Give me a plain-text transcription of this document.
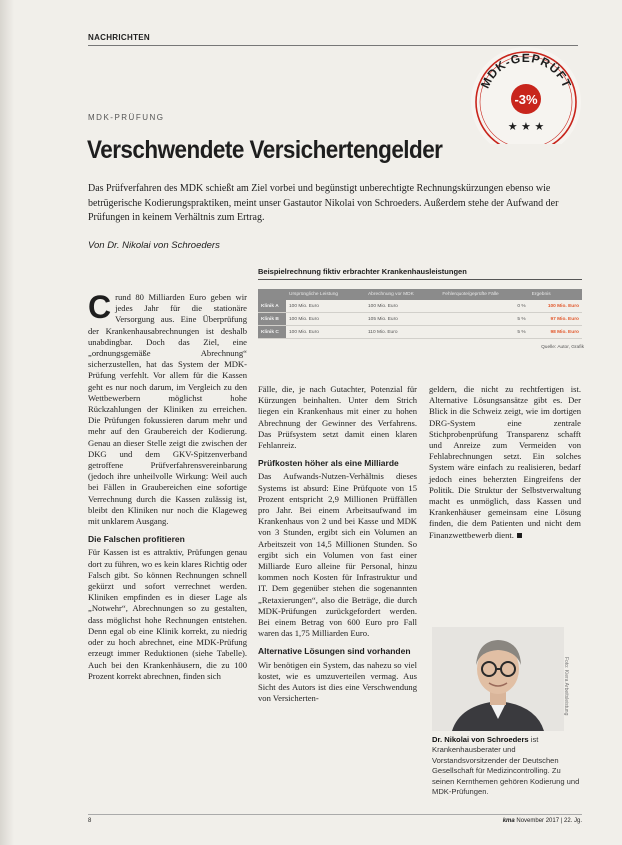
NACHRICHTEN
MDK-GEPRÜFT
-3%
★ ★ ★
MDK-PRÜFUNG
Verschwendete Versichertengelder

Das Prüfverfahren des MDK schießt am Ziel vorbei und begünstigt unberechtigte Rechnungskürzungen ebenso wie betrügerische Kodierungspraktiken, meint unser Gastautor Nikolai von Schroeders. Außerdem stehe der Aufwand der Prüfungen in keinem Verhältnis zum Ertrag.

Von Dr. Nikolai von Schroeders
Beispielrechnung fiktiv erbrachter Krankenhausleistungen
	Ursprüngliche Leistung	Abrechnung vor MDK	Fehlerquote/geprüfte Fälle	Ergebnis
Klinik A	100 Mio. Euro	100 Mio. Euro	0 %	100 Mio. Euro
Klinik B	100 Mio. Euro	105 Mio. Euro	5 %	97 Mio. Euro
Klinik C	100 Mio. Euro	110 Mio. Euro	5 %	98 Mio. Euro
Quelle: Autor, Grafik

Crund 80 Milliarden Euro geben wir jedes Jahr für die stationäre Versorgung aus. Eine Überprüfung der Krankenhausabrechnungen ist deshalb unabdingbar. Doch das Ziel, eine „ordnungsgemäße Abrechnung“ sicherzustellen, hat das System der MDK-Prüfung verfehlt. Vor allem für die Kassen geht es nur noch darum, im Vergleich zu den Wettbewerbern möglichst hohe Rückzahlungen der Kliniken zu erreichen. Die Prüfungen fokussieren darum mehr und mehr auf den Graubereich der Kodierung. Genau an dieser Stelle zeigt die zwischen der DKG und dem GKV-Spitzenverband getroffene Prüfverfahrensvereinbarung (jedoch ihre unheilvolle Wirkung: Weil auch bei Fällen in Graubereichen eine sofortige Verrechnung durch die Kassen zulässig ist, bleibt den Kliniken nur noch die Klageweg mit unklarem Ausgang.

Die Falschen profitieren

Für Kassen ist es attraktiv, Prüfungen genau dort zu führen, wo es kein klares Richtig oder Falsch gibt. So können Rechnungen schnell gekürzt und sofort verrechnet werden. Kliniken empfinden es in dieser Lage als „Notwehr“, Abrechnungen so zu gestalten, dass möglichst hohe Rechnungen entstehen. Denn egal ob eine Klinik korrekt, zu niedrig oder zu hoch abrechnet, eine MDK-Prüfung erzeugt immer Reduktionen (siehe Tabelle). Auch bei den Krankenhäusern, die zu 100 Prozent korrekt abrechnen, finden sich

Fälle, die, je nach Gutachter, Potenzial für Kürzungen beinhalten. Unter dem Strich liegen ein Krankenhaus mit einer zu hohen Abrechnung der Gewinner des Verfahrens. Das Prüfsystem setzt damit einen klaren Fehlanreiz.

Prüfkosten höher als eine Milliarde

Das Aufwands-Nutzen-Verhältnis dieses Systems ist absurd: Eine Prüfquote von 15 Prozent entspricht 2,9 Millionen Prüffällen pro Jahr. Bei einem Arbeitsaufwand im Krankenhaus von 2 und bei Kasse und MDK von 3 Stunden, ergibt sich ein Volumen an Arbeitszeit von 14,5 Millionen Stunden. So ergibt sich ein Volumen von fast einer Milliarde Euro alleine für Personal, hinzu kommen noch Kosten für Infrastruktur und IT. Dem gegenüber stehen die sogenannten „Retaxierungen“, also die Beträge, die durch MDK-Prüfungen zurückgefordert werden. Bei einem Betrag von 600 Euro pro Fall waren das 1,75 Milliarden Euro.

Alternative Lösungen sind vorhanden

Wir benötigen ein System, das nahezu so viel kostet, wie es umzuverteilen vermag. Aus Sicht des Autors ist dies eine Verschwendung von Versicherten-

geldern, die nicht zu rechtfertigen ist. Alternative Lösungsansätze gibt es. Der Blick in die Schweiz zeigt, wie im dortigen DRG-System eine zentrale Stichprobenprüfung Transparenz schafft und Anreize zum Vermeiden von Fehlabrechnungen setzt. Ein solches System wäre einfach zu realisieren, bedarf jedoch eines beherzten Eingreifens der Politik. Die Struktur der Selbstverwaltung macht es unmöglich, dass Kassen und Krankenhäuser gemeinsam eine Lösung finden, die dem Patienten und nicht dem Finanzwettbewerb dient.

Foto: Kiera Arbeitsleistung

Dr. Nikolai von Schroeders ist Krankenhausberater und Vorstandsvorsitzender der Deutschen Gesellschaft für Medizincontrolling. Zu seinen Kernthemen gehören Kodierung und MDK-Prüfungen.

8	kma November 2017 | 22. Jg.
